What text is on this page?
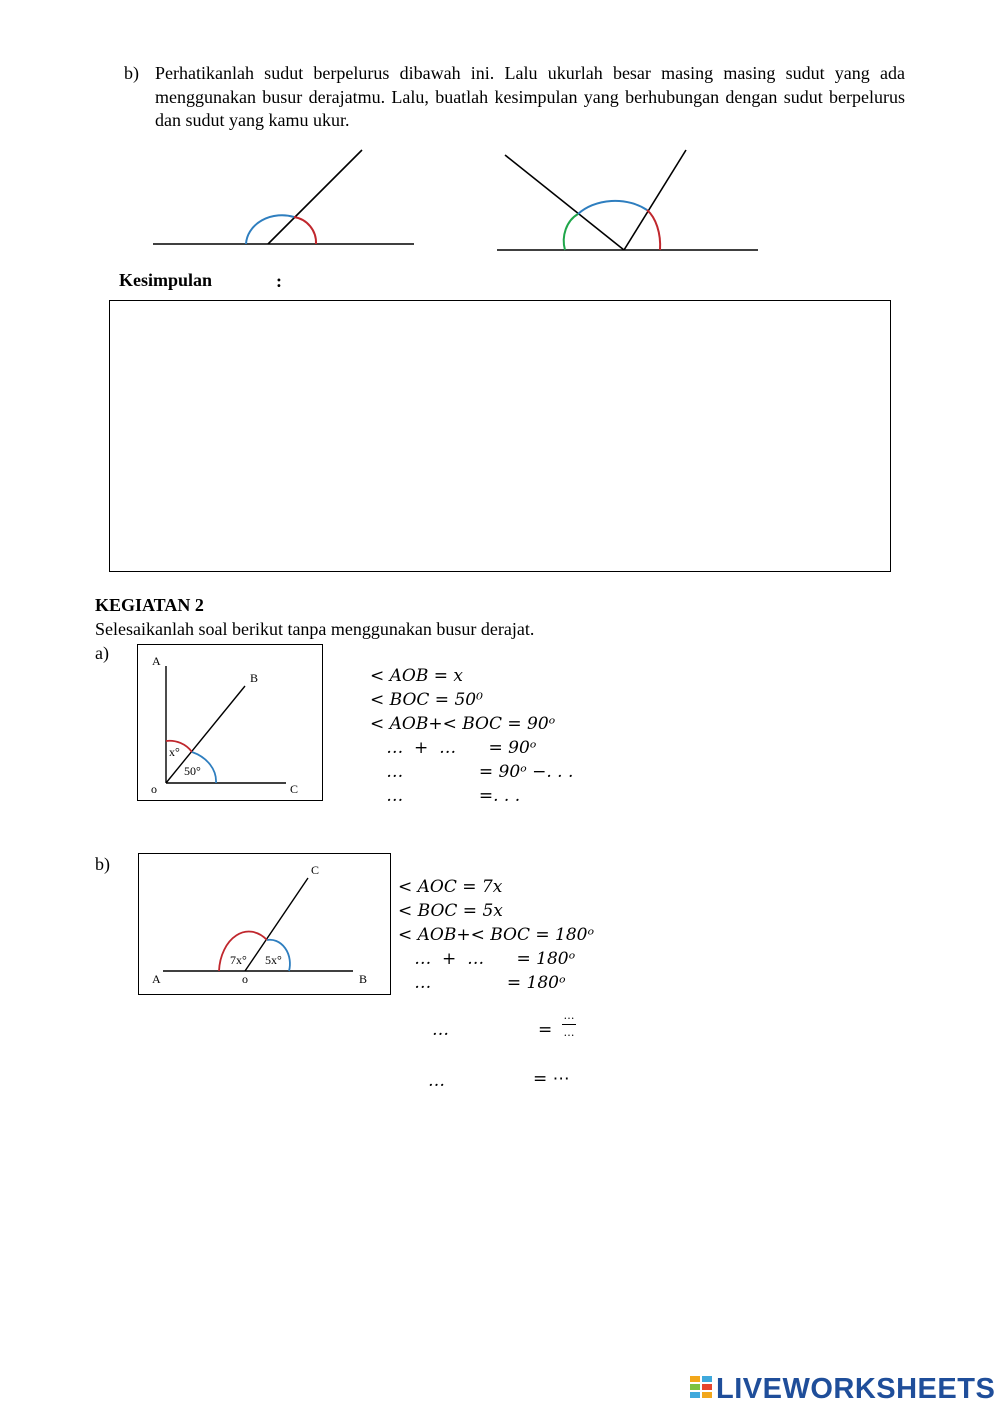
b) Perhatikanlah sudut berpelurus dibawah ini. Lalu ukurlah besar masing masing sudut yang ada menggunakan busur derajatmu. Lalu, buatlah kesimpulan yang berhubungan dengan sudut berpelurus dan sudut yang kamu ukur.
Kesimpulan	:
KEGIATAN 2
Selesaikanlah soal berikut tanpa menggunakan busur derajat.
a)	A
B
C
o
x°
50°
< AOB = x
< BOC = 50⁰
< AOB+< BOC = 90ᵒ
…  +  …      = 90ᵒ
…              = 90ᵒ −. . .
…              =. . .
b)
A	B
C
o
7x° 5x°
< AOC = 7x
< BOC = 5x
< AOB+< BOC = 180ᵒ
…  +  …      = 180ᵒ
…              = 180ᵒ
…	=
…
…
…	= ⋯
LIVEWORKSHEETS
